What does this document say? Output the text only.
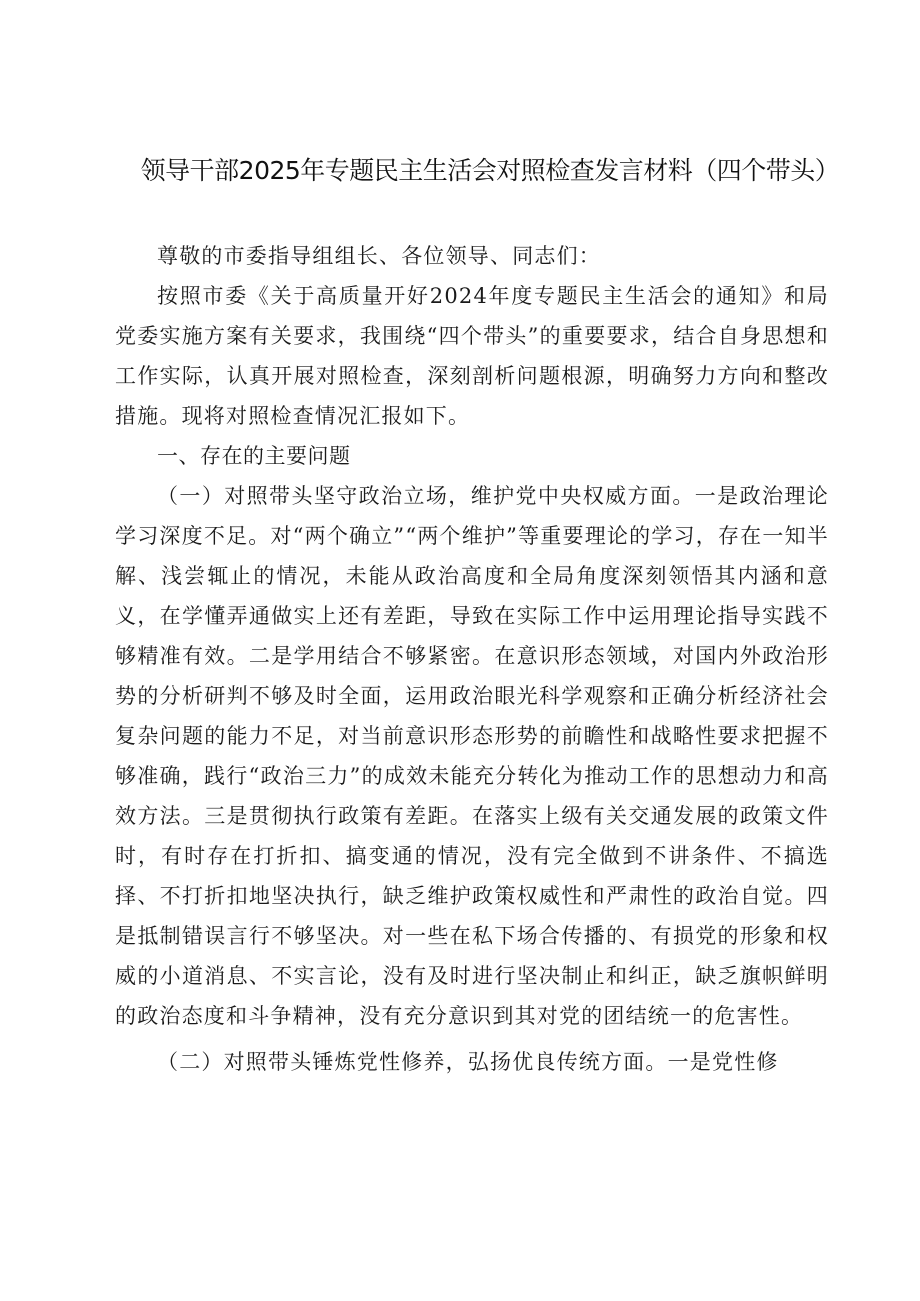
领导干部2025年专题民主生活会对照检查发言材料（四个带头）

尊敬的市委指导组组长、各位领导、同志们：

按照市委《关于高质量开好2024年度专题民主生活会的通知》和局党委实施方案有关要求，我围绕“四个带头”的重要要求，结合自身思想和工作实际，认真开展对照检查，深刻剖析问题根源，明确努力方向和整改措施。现将对照检查情况汇报如下。

一、存在的主要问题

（一）对照带头坚守政治立场，维护党中央权威方面。一是政治理论学习深度不足。对“两个确立”“两个维护”等重要理论的学习，存在一知半解、浅尝辄止的情况，未能从政治高度和全局角度深刻领悟其内涵和意义，在学懂弄通做实上还有差距，导致在实际工作中运用理论指导实践不够精准有效。二是学用结合不够紧密。在意识形态领域，对国内外政治形势的分析研判不够及时全面，运用政治眼光科学观察和正确分析经济社会复杂问题的能力不足，对当前意识形态形势的前瞻性和战略性要求把握不够准确，践行“政治三力”的成效未能充分转化为推动工作的思想动力和高效方法。三是贯彻执行政策有差距。在落实上级有关交通发展的政策文件时，有时存在打折扣、搞变通的情况，没有完全做到不讲条件、不搞选择、不打折扣地坚决执行，缺乏维护政策权威性和严肃性的政治自觉。四是抵制错误言行不够坚决。对一些在私下场合传播的、有损党的形象和权威的小道消息、不实言论，没有及时进行坚决制止和纠正，缺乏旗帜鲜明的政治态度和斗争精神，没有充分意识到其对党的团结统一的危害性。

（二）对照带头锤炼党性修养，弘扬优良传统方面。一是党性修
